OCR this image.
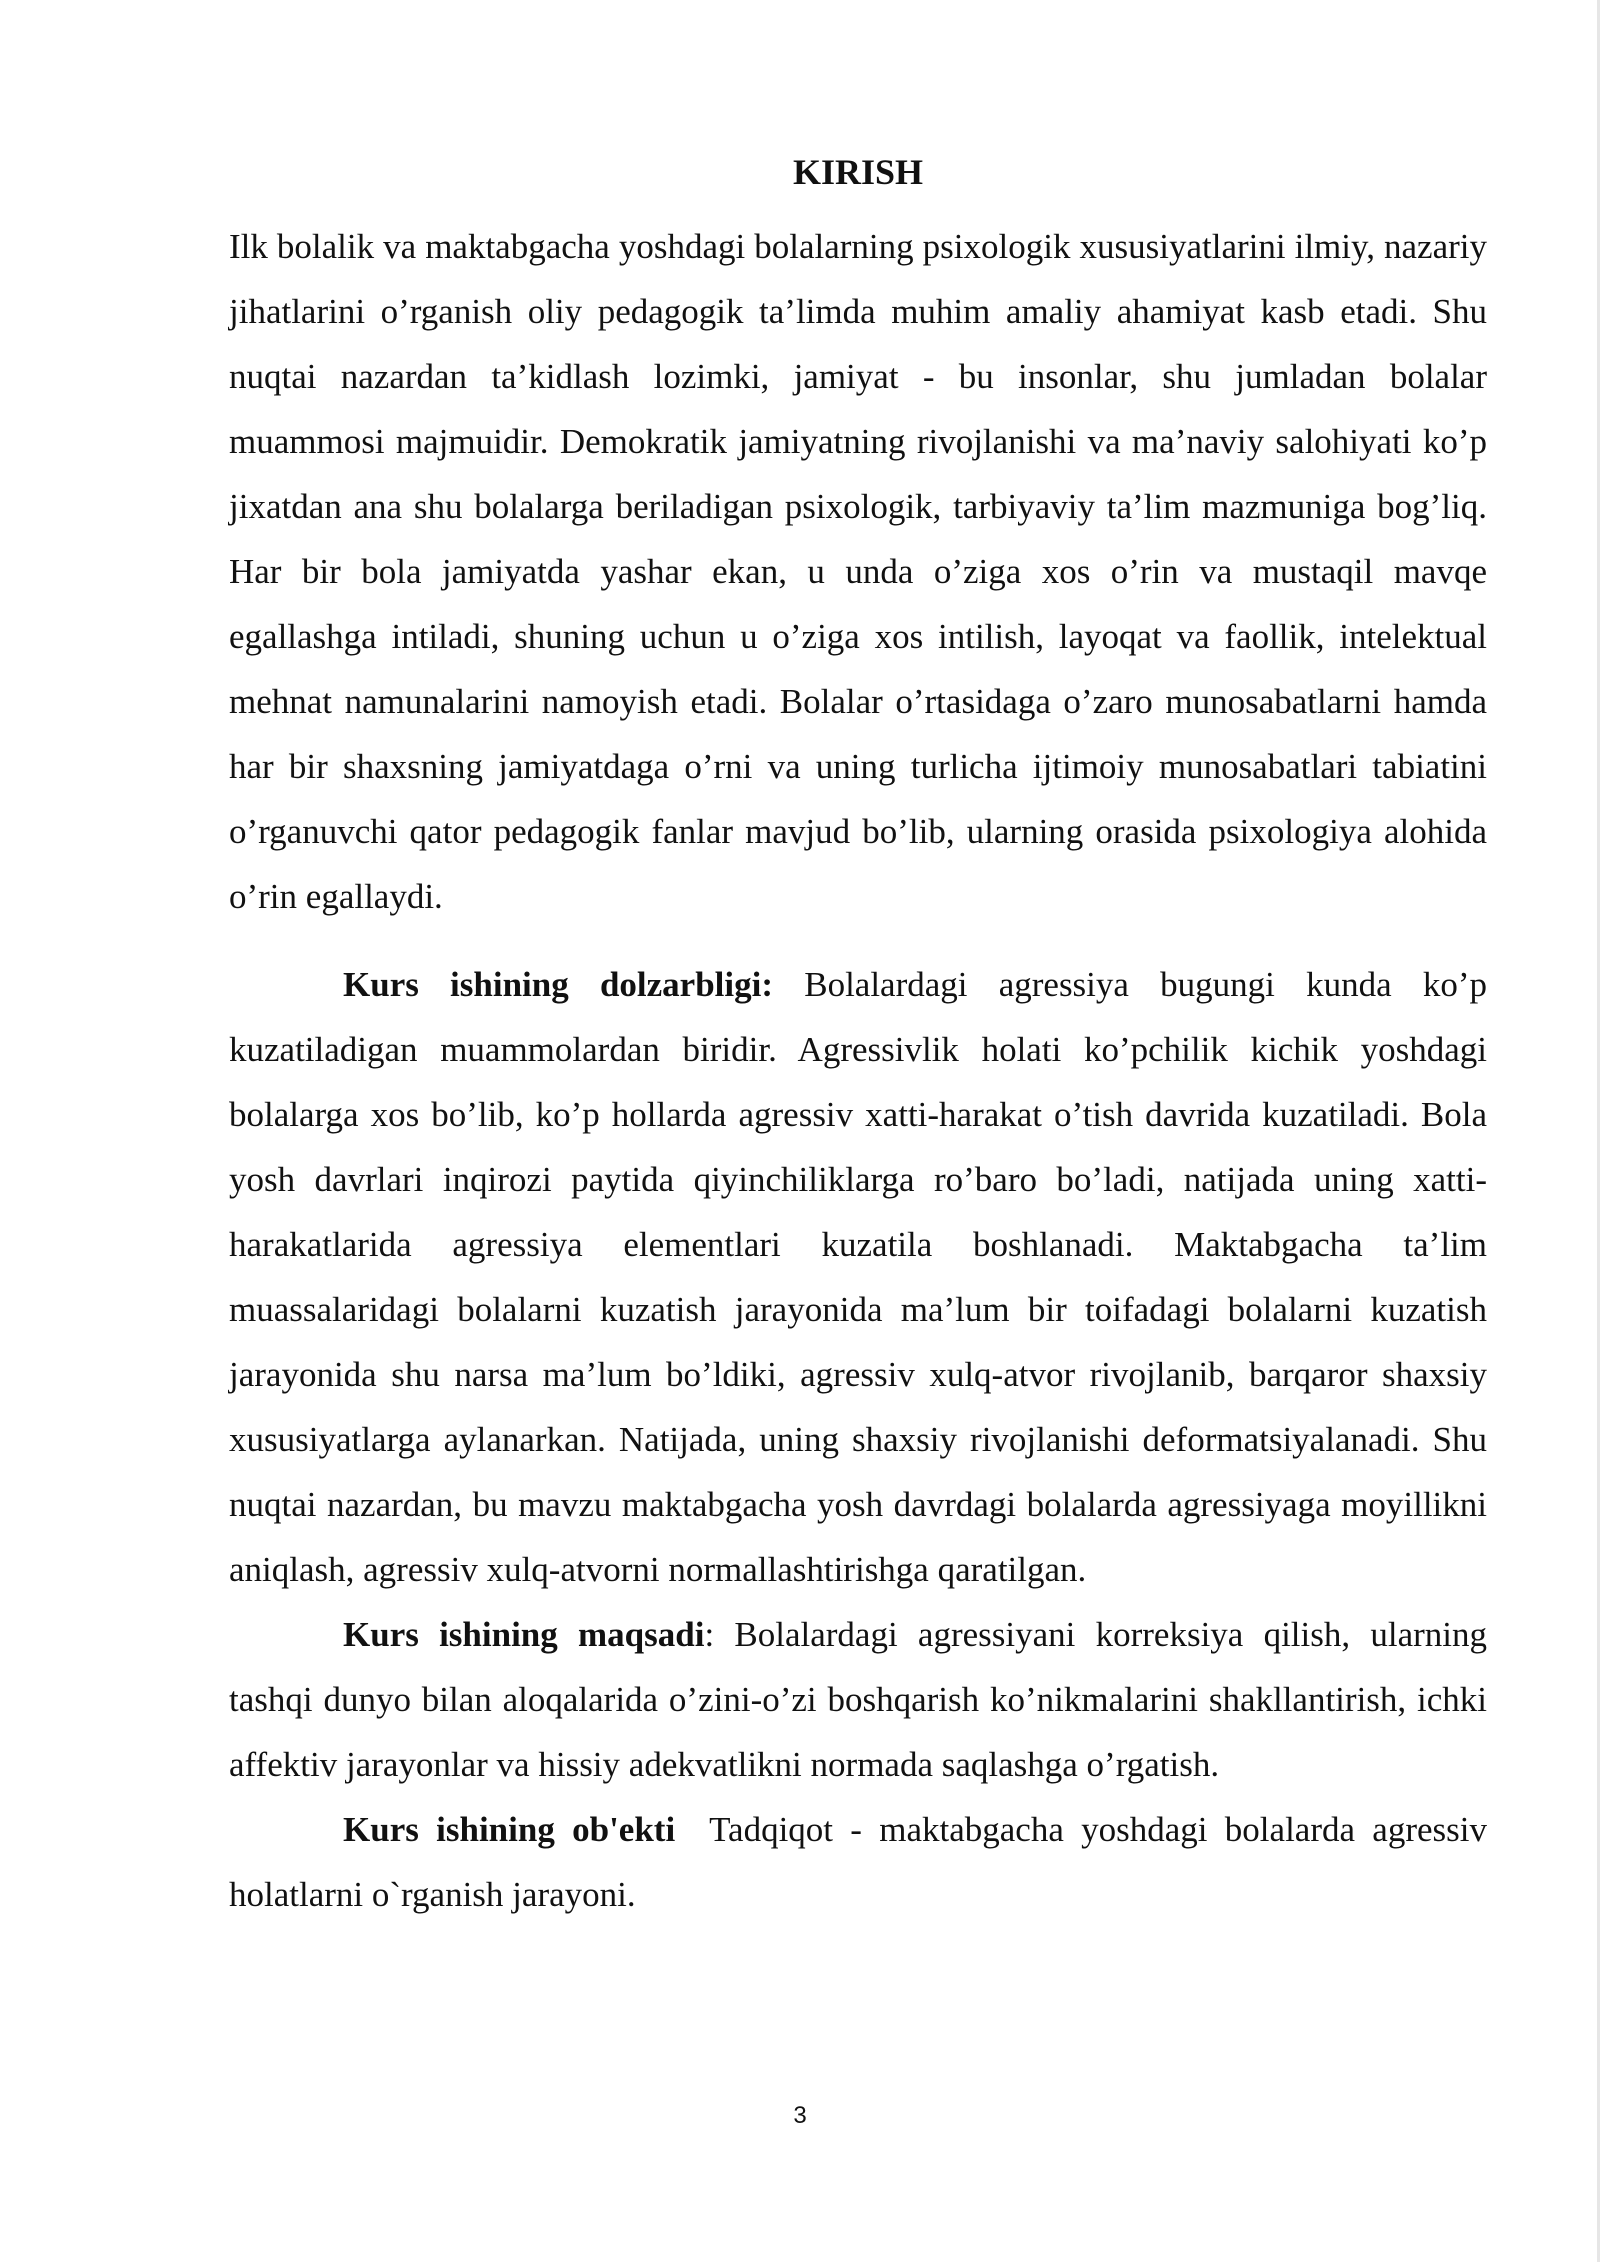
KIRISH

Ilk bolalik va maktabgacha yoshdagi bolalarning psixologik xususiyatlarini ilmiy, nazariy jihatlarini o’rganish oliy pedagogik ta’limda muhim amaliy ahamiyat kasb etadi. Shu nuqtai nazardan ta’kidlash lozimki, jamiyat - bu insonlar, shu jumladan bolalar muammosi majmuidir. Demokratik jamiyatning rivojlanishi va ma’naviy salohiyati ko’p jixatdan ana shu bolalarga beriladigan psixologik, tarbiyaviy ta’lim mazmuniga bog’liq. Har bir bola jamiyatda yashar ekan, u unda o’ziga xos o’rin va mustaqil mavqe egallashga intiladi, shuning uchun u o’ziga xos intilish, layoqat va faollik, intelektual mehnat namunalarini namoyish etadi. Bolalar o’rtasidaga o’zaro munosabatlarni hamda har bir shaxsning jamiyatdaga o’rni va uning turlicha ijtimoiy munosabatlari tabiatini o’rganuvchi qator pedagogik fanlar mavjud bo’lib, ularning orasida psixologiya alohida o’rin egallaydi.

Kurs ishining dolzarbligi: Bolalardagi agressiya bugungi kunda ko’p kuzatiladigan muammolardan biridir. Agressivlik holati ko’pchilik kichik yoshdagi bolalarga xos bo’lib, ko’p hollarda agressiv xatti-harakat o’tish davrida kuzatiladi. Bola yosh davrlari inqirozi paytida qiyinchiliklarga ro’baro bo’ladi, natijada uning xatti-harakatlarida agressiya elementlari kuzatila boshlanadi. Maktabgacha ta’lim muassalaridagi bolalarni kuzatish jarayonida ma’lum bir toifadagi bolalarni kuzatish jarayonida shu narsa ma’lum bo’ldiki, agressiv xulq-atvor rivojlanib, barqaror shaxsiy xususiyatlarga aylanarkan. Natijada, uning shaxsiy rivojlanishi deformatsiyalanadi. Shu nuqtai nazardan, bu mavzu maktabgacha yosh davrdagi bolalarda agressiyaga moyillikni aniqlash, agressiv xulq-atvorni normallashtirishga qaratilgan.

Kurs ishining maqsadi: Bolalardagi agressiyani korreksiya qilish, ularning tashqi dunyo bilan aloqalarida o’zini-o’zi boshqarish ko’nikmalarini shakllantirish, ichki affektiv jarayonlar va hissiy adekvatlikni normada saqlashga o’rgatish.

Kurs ishining ob'ekti  Tadqiqot - maktabgacha yoshdagi bolalarda agressiv holatlarni o`rganish jarayoni.

3
